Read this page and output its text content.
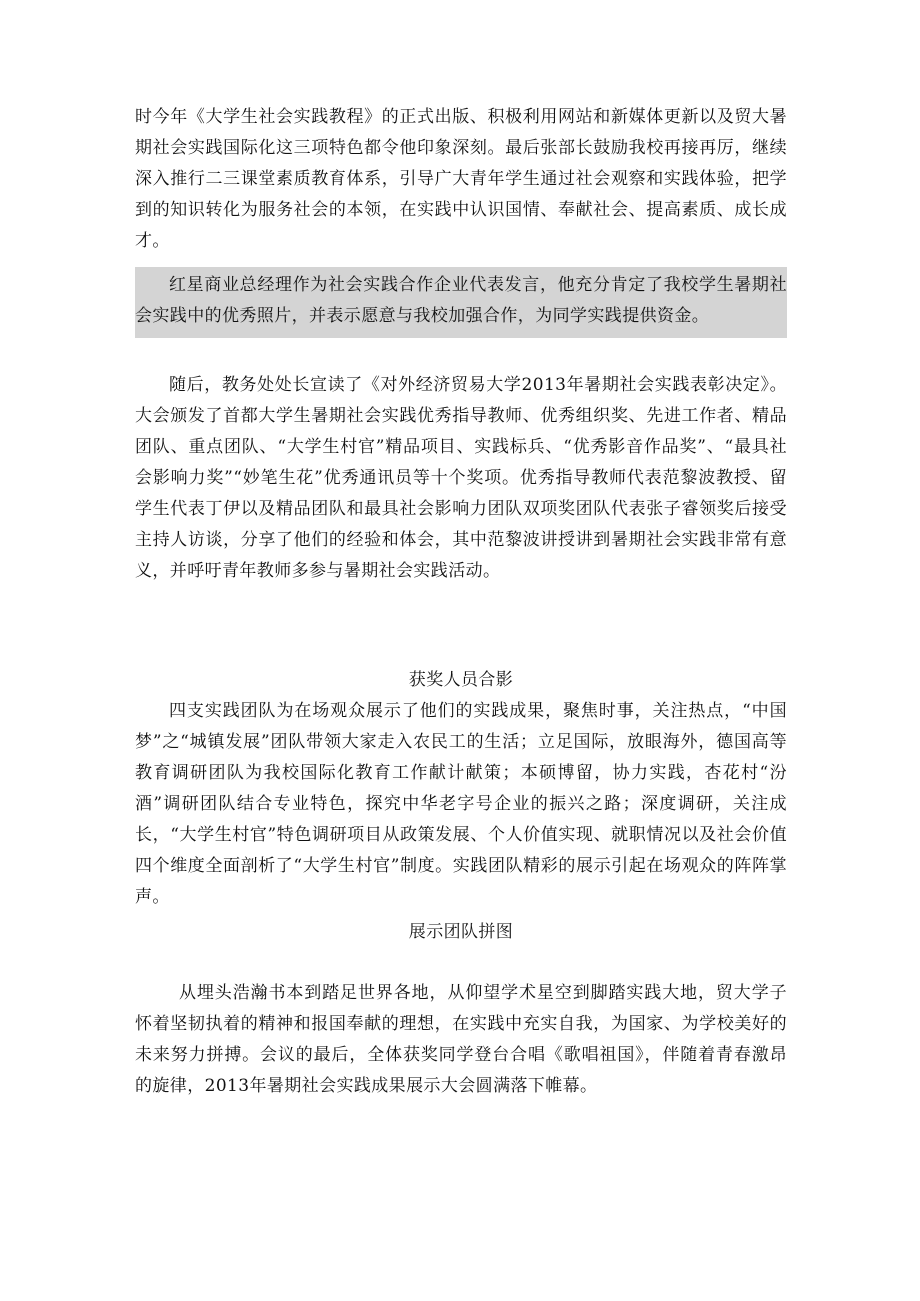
时今年《大学生社会实践教程》的正式出版、积极利用网站和新媒体更新以及贸大暑期社会实践国际化这三项特色都令他印象深刻。最后张部长鼓励我校再接再厉，继续深入推行二三课堂素质教育体系，引导广大青年学生通过社会观察和实践体验，把学到的知识转化为服务社会的本领，在实践中认识国情、奉献社会、提高素质、成长成才。

红星商业总经理作为社会实践合作企业代表发言，他充分肯定了我校学生暑期社会实践中的优秀照片，并表示愿意与我校加强合作，为同学实践提供资金。

随后，教务处处长宣读了《对外经济贸易大学2013年暑期社会实践表彰决定》。大会颁发了首都大学生暑期社会实践优秀指导教师、优秀组织奖、先进工作者、精品团队、重点团队、“大学生村官”精品项目、实践标兵、“优秀影音作品奖”、“最具社会影响力奖”“妙笔生花”优秀通讯员等十个奖项。优秀指导教师代表范黎波教授、留学生代表丁伊以及精品团队和最具社会影响力团队双项奖团队代表张子睿领奖后接受主持人访谈，分享了他们的经验和体会，其中范黎波讲授讲到暑期社会实践非常有意义，并呼吁青年教师多参与暑期社会实践活动。

获奖人员合影

四支实践团队为在场观众展示了他们的实践成果，聚焦时事，关注热点，“中国梦”之“城镇发展”团队带领大家走入农民工的生活；立足国际，放眼海外，德国高等教育调研团队为我校国际化教育工作献计献策；本硕博留，协力实践，杏花村“汾酒”调研团队结合专业特色，探究中华老字号企业的振兴之路；深度调研，关注成长，“大学生村官”特色调研项目从政策发展、个人价值实现、就职情况以及社会价值四个维度全面剖析了“大学生村官”制度。实践团队精彩的展示引起在场观众的阵阵掌声。

展示团队拼图

从埋头浩瀚书本到踏足世界各地，从仰望学术星空到脚踏实践大地，贸大学子怀着坚韧执着的精神和报国奉献的理想，在实践中充实自我，为国家、为学校美好的未来努力拼搏。会议的最后，全体获奖同学登台合唱《歌唱祖国》，伴随着青春激昂的旋律，2013年暑期社会实践成果展示大会圆满落下帷幕。
